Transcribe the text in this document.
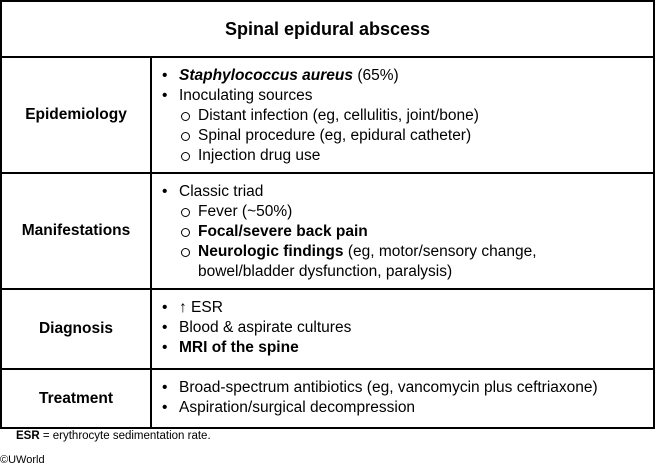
Spinal epidural abscess
Epidemiology
• Staphylococcus aureus (65%)
• Inoculating sources
Distant infection (eg, cellulitis, joint/bone)
Spinal procedure (eg, epidural catheter)
Injection drug use
Manifestations
• Classic triad
Fever (~50%)
Focal/severe back pain
Neurologic findings (eg, motor/sensory change,
bowel/bladder dysfunction, paralysis)
Diagnosis
• ↑ ESR
• Blood & aspirate cultures
• MRI of the spine
Treatment
• Broad-spectrum antibiotics (eg, vancomycin plus ceftriaxone)
• Aspiration/surgical decompression
ESR = erythrocyte sedimentation rate.
©UWorld
